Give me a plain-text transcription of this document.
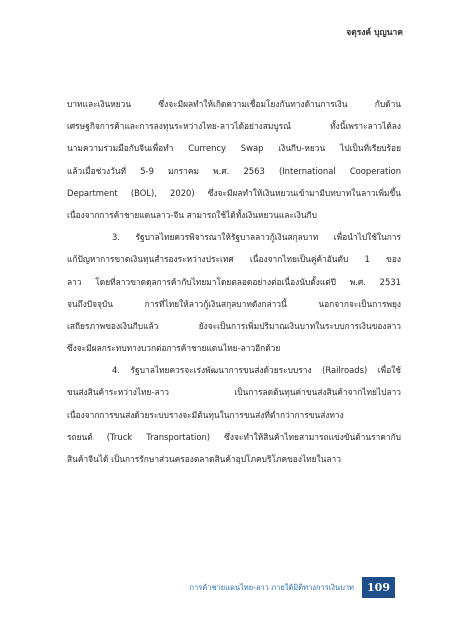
จตุรงค์ บุญนาค
บาทและเงินหยวน ซึ่งจะมีผลทำให้เกิดความเชื่อมโยงกันทางด้านการเงิน กับด้าน
เศรษฐกิจการค้าและการลงทุนระหว่างไทย-ลาวได้อย่างสมบูรณ์ ทั้งนี้เพราะลาวได้ลง
นามความร่วมมือกับจีนเพื่อทำ Currency Swap เงินกีบ-หยวน ไปเป็นที่เรียบร้อย
แล้วเมื่อช่วงวันที่ 5-9 มกราคม พ.ศ. 2563 (International Cooperation
Department (BOL), 2020) ซึ่งจะมีผลทำให้เงินหยวนเข้ามามีบทบาทในลาวเพิ่มขึ้น
เนื่องจากการค้าชายแดนลาว-จีน สามารถใช้ได้ทั้งเงินหยวนและเงินกีบ
3. รัฐบาลไทยควรพิจารณาให้รัฐบาลลาวกู้เงินสกุลบาท เพื่อนำไปใช้ในการ
แก้ปัญหาการขาดเงินทุนสำรองระหว่างประเทศ เนื่องจากไทยเป็นคู่ค้าอันดับ 1 ของ
ลาว โดยที่ลาวขาดดุลการค้ากับไทยมาโดยตลอดอย่างต่อเนื่องนับตั้งแต่ปี พ.ศ. 2531
จนถึงปัจจุบัน การที่ไทยให้ลาวกู้เงินสกุลบาทดังกล่าวนี้ นอกจากจะเป็นการพยุง
เสถียรภาพของเงินกีบแล้ว ยังจะเป็นการเพิ่มปริมาณเงินบาทในระบบการเงินของลาว
ซึ่งจะมีผลกระทบทางบวกต่อการค้าชายแดนไทย-ลาวอีกด้วย
4. รัฐบาลไทยควรจะเร่งพัฒนาการขนส่งด้วยระบบราง (Railroads) เพื่อใช้
ขนส่งสินค้าระหว่างไทย-ลาว เป็นการลดต้นทุนค่าขนส่งสินค้าจากไทยไปลาว
เนื่องจากการขนส่งด้วยระบบรางจะมีต้นทุนในการขนส่งที่ต่ำกว่าการขนส่งทาง
รถยนต์ (Truck Transportation) ซึ่งจะทำให้สินค้าไทยสามารถแข่งขันด้านราคากับ
สินค้าจีนได้ เป็นการรักษาส่วนครองตลาดสินค้าอุปโภคบริโภคของไทยในลาว
การค้าชายแดนไทย-ลาว ภายใต้มิติทางการเงินบาท	109
